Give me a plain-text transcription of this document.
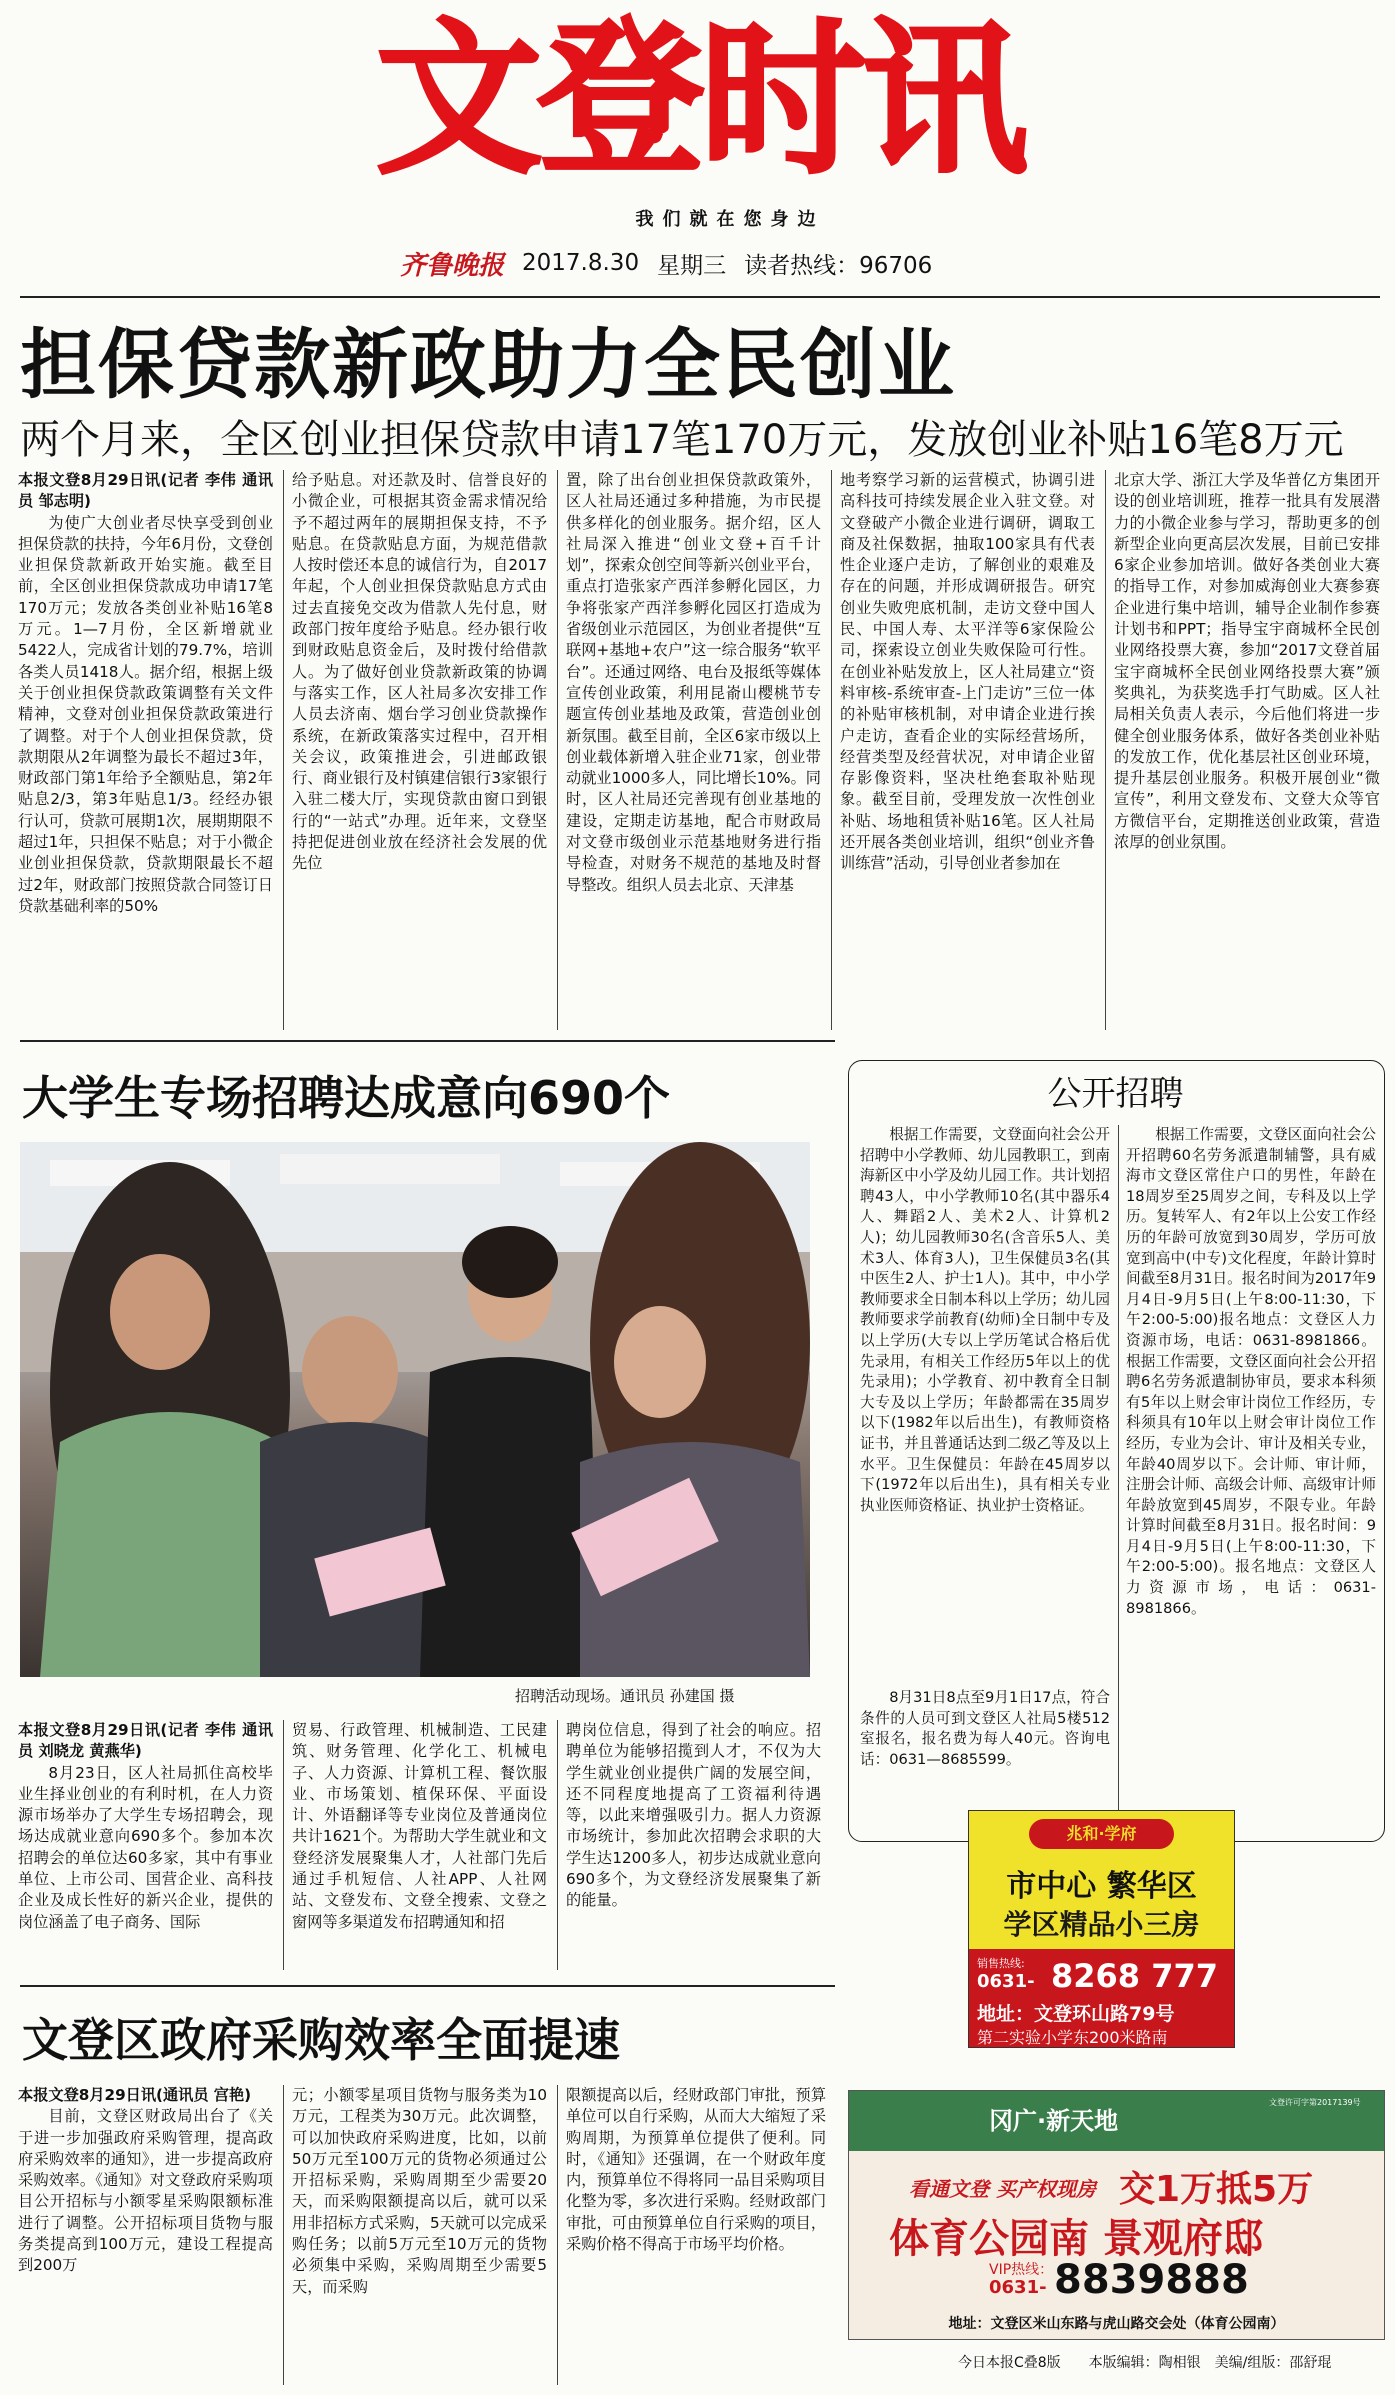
文登时讯
我们就在您身边
齐鲁晚报 2017.8.30 星期三 读者热线：96706
担保贷款新政助力全民创业
两个月来，全区创业担保贷款申请17笔170万元，发放创业补贴16笔8万元

本报文登8月29日讯(记者 李伟 通讯员 邹志明)

为使广大创业者尽快享受到创业担保贷款的扶持，今年6月份，文登创业担保贷款新政开始实施。截至目前，全区创业担保贷款成功申请17笔170万元；发放各类创业补贴16笔8万元。1—7月份，全区新增就业5422人，完成省计划的79.7%，培训各类人员1418人。据介绍，根据上级关于创业担保贷款政策调整有关文件精神，文登对创业担保贷款政策进行了调整。对于个人创业担保贷款，贷款期限从2年调整为最长不超过3年，财政部门第1年给予全额贴息，第2年贴息2/3，第3年贴息1/3。经经办银行认可，贷款可展期1次，展期期限不超过1年，只担保不贴息；对于小微企业创业担保贷款，贷款期限最长不超过2年，财政部门按照贷款合同签订日贷款基础利率的50%

给予贴息。对还款及时、信誉良好的小微企业，可根据其资金需求情况给予不超过两年的展期担保支持，不予贴息。在贷款贴息方面，为规范借款人按时偿还本息的诚信行为，自2017年起，个人创业担保贷款贴息方式由过去直接免交改为借款人先付息，财政部门按年度给予贴息。经办银行收到财政贴息资金后，及时拨付给借款人。为了做好创业贷款新政策的协调与落实工作，区人社局多次安排工作人员去济南、烟台学习创业贷款操作系统，在新政策落实过程中，召开相关会议，政策推进会，引进邮政银行、商业银行及村镇建信银行3家银行入驻二楼大厅，实现贷款由窗口到银行的“一站式”办理。近年来，文登坚持把促进创业放在经济社会发展的优先位

置，除了出台创业担保贷款政策外，区人社局还通过多种措施，为市民提供多样化的创业服务。据介绍，区人社局深入推进“创业文登+百千计划”，探索众创空间等新兴创业平台，重点打造张家产西洋参孵化园区，力争将张家产西洋参孵化园区打造成为省级创业示范园区，为创业者提供“互联网+基地+农户”这一综合服务“软平台”。还通过网络、电台及报纸等媒体宣传创业政策，利用昆嵛山樱桃节专题宣传创业基地及政策，营造创业创新氛围。截至目前，全区6家市级以上创业载体新增入驻企业71家，创业带动就业1000多人，同比增长10%。同时，区人社局还完善现有创业基地的建设，定期走访基地，配合市财政局对文登市级创业示范基地财务进行指导检查，对财务不规范的基地及时督导整改。组织人员去北京、天津基

地考察学习新的运营模式，协调引进高科技可持续发展企业入驻文登。对文登破产小微企业进行调研，调取工商及社保数据，抽取100家具有代表性企业逐户走访，了解创业的艰难及存在的问题，并形成调研报告。研究创业失败兜底机制，走访文登中国人民、中国人寿、太平洋等6家保险公司，探索设立创业失败保险可行性。在创业补贴发放上，区人社局建立“资料审核-系统审查-上门走访”三位一体的补贴审核机制，对申请企业进行挨户走访，查看企业的实际经营场所，经营类型及经营状况，对申请企业留存影像资料，坚决杜绝套取补贴现象。截至目前，受理发放一次性创业补贴、场地租赁补贴16笔。区人社局还开展各类创业培训，组织“创业齐鲁训练营”活动，引导创业者参加在

北京大学、浙江大学及华普亿方集团开设的创业培训班，推荐一批具有发展潜力的小微企业参与学习，帮助更多的创新型企业向更高层次发展，目前已安排6家企业参加培训。做好各类创业大赛的指导工作，对参加威海创业大赛参赛企业进行集中培训，辅导企业制作参赛计划书和PPT；指导宝宇商城杯全民创业网络投票大赛，参加“2017文登首届宝宇商城杯全民创业网络投票大赛”颁奖典礼，为获奖选手打气助威。区人社局相关负责人表示，今后他们将进一步健全创业服务体系，做好各类创业补贴的发放工作，优化基层社区创业环境，提升基层创业服务。积极开展创业“微宣传”，利用文登发布、文登大众等官方微信平台，定期推送创业政策，营造浓厚的创业氛围。

大学生专场招聘达成意向690个
招聘活动现场。通讯员 孙建国 摄

本报文登8月29日讯(记者 李伟 通讯员 刘晓龙 黄燕华)

8月23日，区人社局抓住高校毕业生择业创业的有利时机，在人力资源市场举办了大学生专场招聘会，现场达成就业意向690多个。参加本次招聘会的单位达60多家，其中有事业单位、上市公司、国营企业、高科技企业及成长性好的新兴企业，提供的岗位涵盖了电子商务、国际

贸易、行政管理、机械制造、工民建筑、财务管理、化学化工、机械电子、人力资源、计算机工程、餐饮服业、市场策划、植保环保、平面设计、外语翻译等专业岗位及普通岗位共计1621个。为帮助大学生就业和文登经济发展聚集人才，人社部门先后通过手机短信、人社APP、人社网站、文登发布、文登全搜索、文登之窗网等多渠道发布招聘通知和招

聘岗位信息，得到了社会的响应。招聘单位为能够招揽到人才，不仅为大学生就业创业提供广阔的发展空间，还不同程度地提高了工资福利待遇等，以此来增强吸引力。据人力资源市场统计，参加此次招聘会求职的大学生达1200多人，初步达成就业意向690多个，为文登经济发展聚集了新的能量。

文登区政府采购效率全面提速

本报文登8月29日讯(通讯员 宫艳)

目前，文登区财政局出台了《关于进一步加强政府采购管理，提高政府采购效率的通知》，进一步提高政府采购效率。《通知》对文登政府采购项目公开招标与小额零星采购限额标准进行了调整。公开招标项目货物与服务类提高到100万元，建设工程提高到200万

元；小额零星项目货物与服务类为10万元，工程类为30万元。此次调整，可以加快政府采购进度，比如，以前50万元至100万元的货物必须通过公开招标采购，采购周期至少需要20天，而采购限额提高以后，就可以采用非招标方式采购，5天就可以完成采购任务；以前5万元至10万元的货物必须集中采购，采购周期至少需要5天，而采购

限额提高以后，经财政部门审批，预算单位可以自行采购，从而大大缩短了采购周期，为预算单位提供了便利。同时，《通知》还强调，在一个财政年度内，预算单位不得将同一品目采购项目化整为零，多次进行采购。经财政部门审批，可由预算单位自行采购的项目，采购价格不得高于市场平均价格。

公开招聘

根据工作需要，文登面向社会公开招聘中小学教师、幼儿园教职工，到南海新区中小学及幼儿园工作。共计划招聘43人，中小学教师10名(其中器乐4人、舞蹈2人、美术2人、计算机2人)；幼儿园教师30名(含音乐5人、美术3人、体育3人)，卫生保健员3名(其中医生2人、护士1人)。其中，中小学教师要求全日制本科以上学历；幼儿园教师要求学前教育(幼师)全日制中专及以上学历(大专以上学历笔试合格后优先录用，有相关工作经历5年以上的优先录用)；小学教育、初中教育全日制大专及以上学历；年龄都需在35周岁以下(1982年以后出生)，有教师资格证书，并且普通话达到二级乙等及以上水平。卫生保健员：年龄在45周岁以下(1972年以后出生)，具有相关专业执业医师资格证、执业护士资格证。

8月31日8点至9月1日17点，符合条件的人员可到文登区人社局5楼512室报名，报名费为每人40元。咨询电话：0631—8685599。

根据工作需要，文登区面向社会公开招聘60名劳务派遣制辅警，具有威海市文登区常住户口的男性，年龄在18周岁至25周岁之间，专科及以上学历。复转军人、有2年以上公安工作经历的年龄可放宽到30周岁，学历可放宽到高中(中专)文化程度，年龄计算时间截至8月31日。报名时间为2017年9月4日-9月5日(上午8:00-11:30，下午2:00-5:00)报名地点：文登区人力资源市场，电话：0631-8981866。根据工作需要，文登区面向社会公开招聘6名劳务派遣制协审员，要求本科须有5年以上财会审计岗位工作经历，专科须具有10年以上财会审计岗位工作经历，专业为会计、审计及相关专业，年龄40周岁以下。会计师、审计师，注册会计师、高级会计师、高级审计师年龄放宽到45周岁，不限专业。年龄计算时间截至8月31日。报名时间：9月4日-9月5日(上午8:00-11:30，下午2:00-5:00)。报名地点：文登区人力资源市场，电话：0631-8981866。

兆和·学府
市中心 繁华区
学区精品小三房
销售热线:
0631- 8268 777
地址：文登环山路79号
第二实验小学东200米路南
冈广·新天地
文登许可字第2017139号
看通文登 买产权现房 交1万抵5万
体育公园南 景观府邸
VIP热线：
0631- 8839888
地址：文登区米山东路与虎山路交会处（体育公园南）
今日本报C叠8版　　本版编辑：陶相银　美编/组版：邵舒琨
